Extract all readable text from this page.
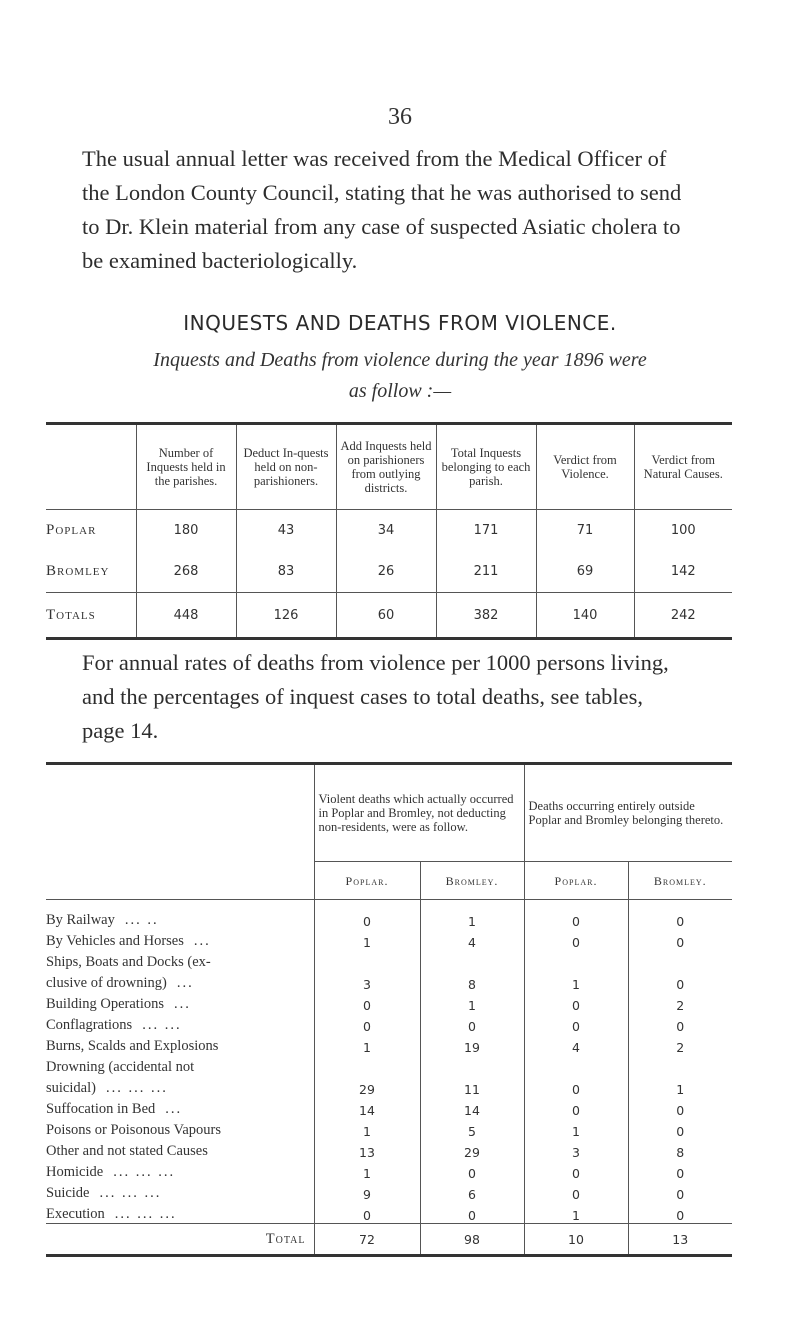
36
The usual annual letter was received from the Medical Officer of
the London County Council, stating that he was authorised to send
to Dr. Klein material from any case of suspected Asiatic cholera to
be examined bacteriologically.
INQUESTS AND DEATHS FROM VIOLENCE.
Inquests and Deaths from violence during the year 1896 were
as follow :—
	Number of Inquests held in the parishes.	Deduct In-quests held on non-parishioners.	Add Inquests held on parishioners from outlying districts.	Total Inquests belonging to each parish.	Verdict from Violence.	Verdict from Natural Causes.
Poplar	180	43	34	171	71	100
Bromley	268	83	26	211	69	142
Totals	448	126	60	382	140	242
For annual rates of deaths from violence per 1000 persons living,
and the percentages of inquest cases to total deaths, see tables,
page 14.
	Violent deaths which actually occurred in Poplar and Bromley, not deducting non-residents, were as follow.		Deaths occurring entirely outside Poplar and Bromley belonging thereto.	
	Poplar.	Bromley.	Poplar.	Bromley.
By Railway ... ..	0	1	0	0
By Vehicles and Horses ...	1	4	0	0
Ships, Boats and Docks (ex-				
clusive of drowning) ...	3	8	1	0
Building Operations ...	0	1	0	2
Conflagrations ... ...	0	0	0	0
Burns, Scalds and Explosions	1	19	4	2
Drowning (accidental not				
suicidal) ... ... ...	29	11	0	1
Suffocation in Bed ...	14	14	0	0
Poisons or Poisonous Vapours	1	5	1	0
Other and not stated Causes	13	29	3	8
Homicide ... ... ...	1	0	0	0
Suicide ... ... ...	9	6	0	0
Execution ... ... ...	0	0	1	0
Total	72	98	10	13
